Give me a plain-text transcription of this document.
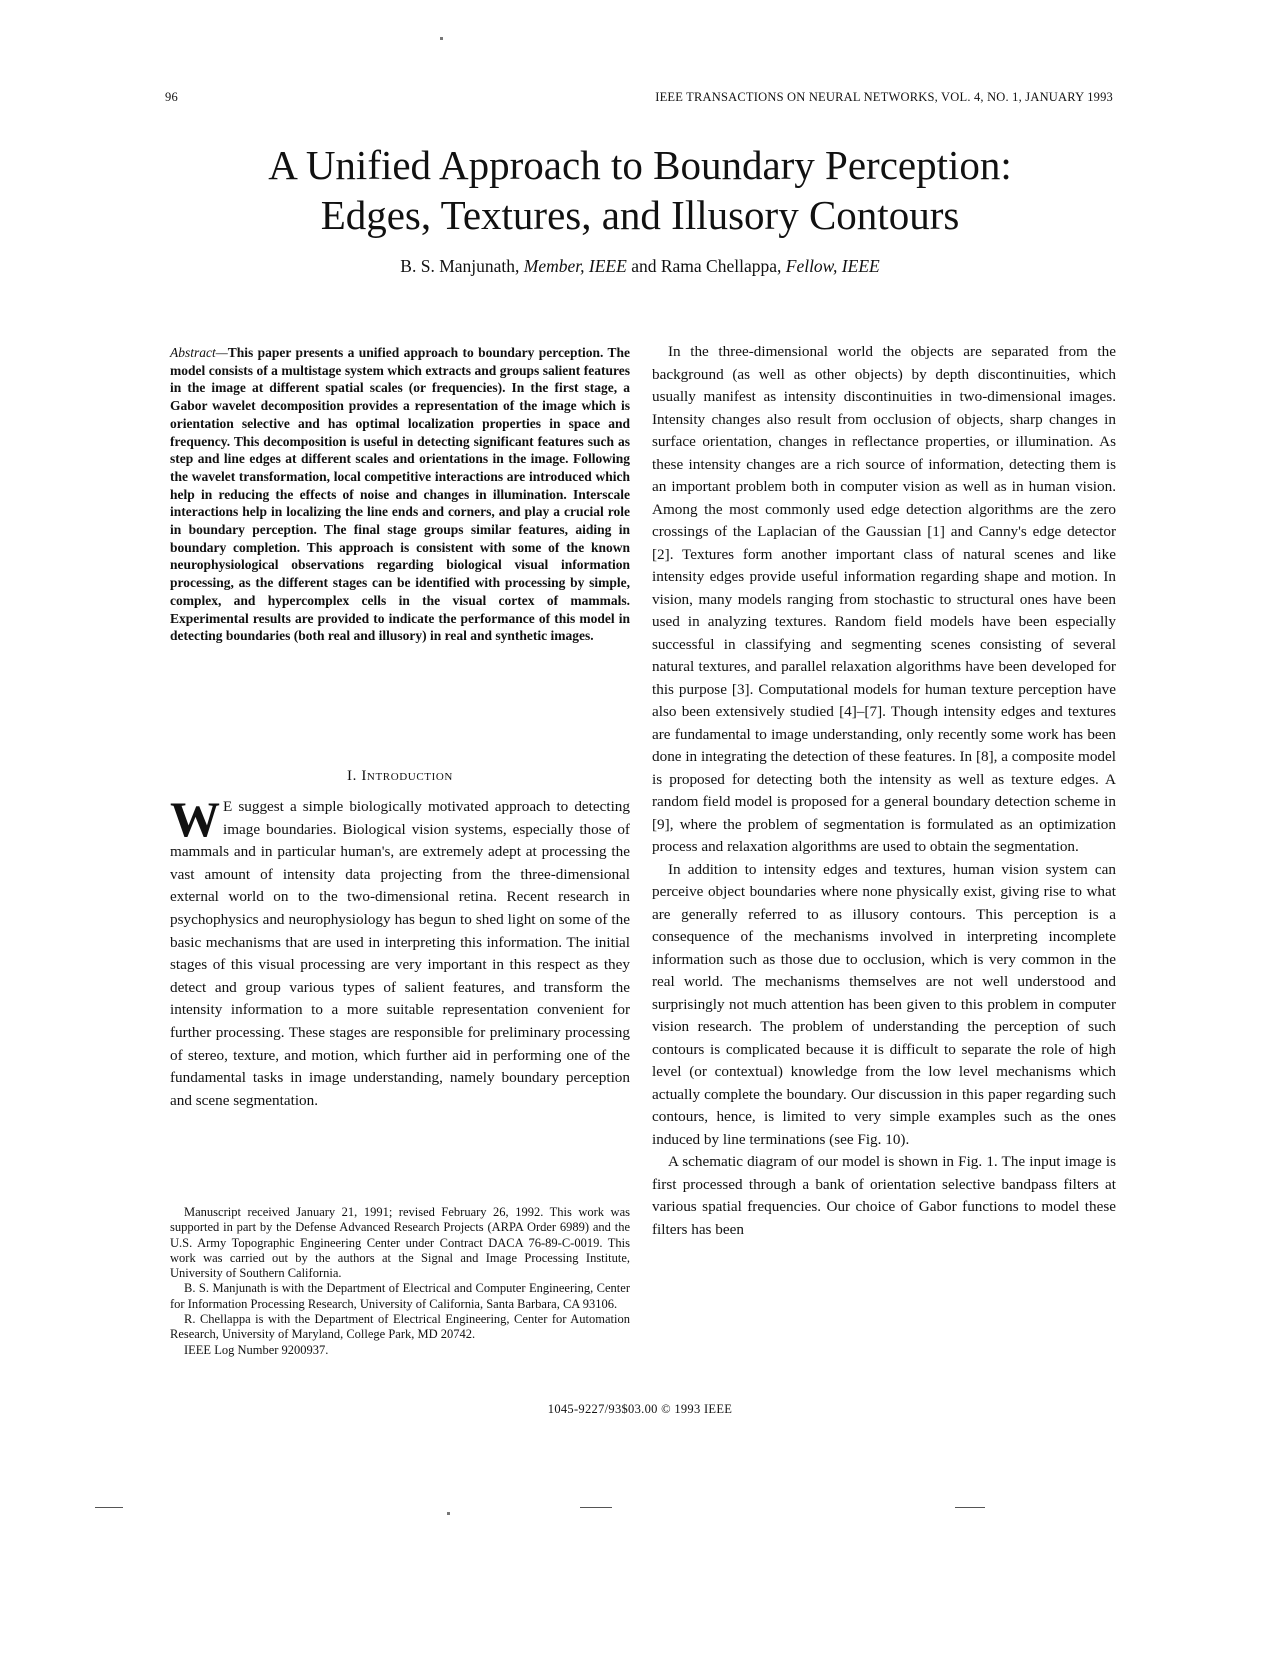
96	IEEE TRANSACTIONS ON NEURAL NETWORKS, VOL. 4, NO. 1, JANUARY 1993
A Unified Approach to Boundary Perception:
Edges, Textures, and Illusory Contours
B. S. Manjunath, Member, IEEE and Rama Chellappa, Fellow, IEEE
Abstract—This paper presents a unified approach to boundary perception. The model consists of a multistage system which extracts and groups salient features in the image at different spatial scales (or frequencies). In the first stage, a Gabor wavelet decomposition provides a representation of the image which is orientation selective and has optimal localization properties in space and frequency. This decomposition is useful in detecting significant features such as step and line edges at different scales and orientations in the image. Following the wavelet transformation, local competitive interactions are introduced which help in reducing the effects of noise and changes in illumination. Interscale interactions help in localizing the line ends and corners, and play a crucial role in boundary perception. The final stage groups similar features, aiding in boundary completion. This approach is consistent with some of the known neurophysiological observations regarding biological visual information processing, as the different stages can be identified with processing by simple, complex, and hypercomplex cells in the visual cortex of mammals. Experimental results are provided to indicate the performance of this model in detecting boundaries (both real and illusory) in real and synthetic images.
I. Introduction
W E suggest a simple biologically motivated approach to detecting image boundaries. Biological vision systems, especially those of mammals and in particular human's, are extremely adept at processing the vast amount of intensity data projecting from the three-dimensional external world on to the two-dimensional retina. Recent research in psychophysics and neurophysiology has begun to shed light on some of the basic mechanisms that are used in interpreting this information. The initial stages of this visual processing are very important in this respect as they detect and group various types of salient features, and transform the intensity information to a more suitable representation convenient for further processing. These stages are responsible for preliminary processing of stereo, texture, and motion, which further aid in performing one of the fundamental tasks in image understanding, namely boundary perception and scene segmentation.

Manuscript received January 21, 1991; revised February 26, 1992. This work was supported in part by the Defense Advanced Research Projects (ARPA Order 6989) and the U.S. Army Topographic Engineering Center under Contract DACA 76-89-C-0019. This work was carried out by the authors at the Signal and Image Processing Institute, University of Southern California.

B. S. Manjunath is with the Department of Electrical and Computer Engineering, Center for Information Processing Research, University of California, Santa Barbara, CA 93106.

R. Chellappa is with the Department of Electrical Engineering, Center for Automation Research, University of Maryland, College Park, MD 20742.

IEEE Log Number 9200937.

In the three-dimensional world the objects are separated from the background (as well as other objects) by depth discontinuities, which usually manifest as intensity discontinuities in two-dimensional images. Intensity changes also result from occlusion of objects, sharp changes in surface orientation, changes in reflectance properties, or illumination. As these intensity changes are a rich source of information, detecting them is an important problem both in computer vision as well as in human vision. Among the most commonly used edge detection algorithms are the zero crossings of the Laplacian of the Gaussian [1] and Canny's edge detector [2]. Textures form another important class of natural scenes and like intensity edges provide useful information regarding shape and motion. In vision, many models ranging from stochastic to structural ones have been used in analyzing textures. Random field models have been especially successful in classifying and segmenting scenes consisting of several natural textures, and parallel relaxation algorithms have been developed for this purpose [3]. Computational models for human texture perception have also been extensively studied [4]–[7]. Though intensity edges and textures are fundamental to image understanding, only recently some work has been done in integrating the detection of these features. In [8], a composite model is proposed for detecting both the intensity as well as texture edges. A random field model is proposed for a general boundary detection scheme in [9], where the problem of segmentation is formulated as an optimization process and relaxation algorithms are used to obtain the segmentation.

In addition to intensity edges and textures, human vision system can perceive object boundaries where none physically exist, giving rise to what are generally referred to as illusory contours. This perception is a consequence of the mechanisms involved in interpreting incomplete information such as those due to occlusion, which is very common in the real world. The mechanisms themselves are not well understood and surprisingly not much attention has been given to this problem in computer vision research. The problem of understanding the perception of such contours is complicated because it is difficult to separate the role of high level (or contextual) knowledge from the low level mechanisms which actually complete the boundary. Our discussion in this paper regarding such contours, hence, is limited to very simple examples such as the ones induced by line terminations (see Fig. 10).

A schematic diagram of our model is shown in Fig. 1. The input image is first processed through a bank of orientation selective bandpass filters at various spatial frequencies. Our choice of Gabor functions to model these filters has been

1045-9227/93$03.00 © 1993 IEEE
